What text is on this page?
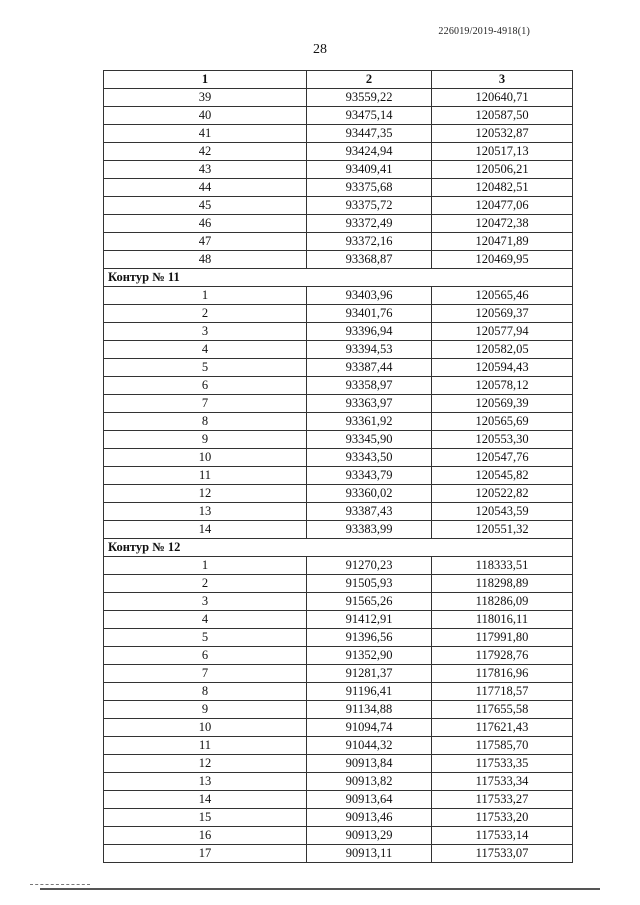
226019/2019-4918(1)
28
1	2	3
39	93559,22	120640,71
40	93475,14	120587,50
41	93447,35	120532,87
42	93424,94	120517,13
43	93409,41	120506,21
44	93375,68	120482,51
45	93375,72	120477,06
46	93372,49	120472,38
47	93372,16	120471,89
48	93368,87	120469,95
Контур № 11		
1	93403,96	120565,46
2	93401,76	120569,37
3	93396,94	120577,94
4	93394,53	120582,05
5	93387,44	120594,43
6	93358,97	120578,12
7	93363,97	120569,39
8	93361,92	120565,69
9	93345,90	120553,30
10	93343,50	120547,76
11	93343,79	120545,82
12	93360,02	120522,82
13	93387,43	120543,59
14	93383,99	120551,32
Контур № 12		
1	91270,23	118333,51
2	91505,93	118298,89
3	91565,26	118286,09
4	91412,91	118016,11
5	91396,56	117991,80
6	91352,90	117928,76
7	91281,37	117816,96
8	91196,41	117718,57
9	91134,88	117655,58
10	91094,74	117621,43
11	91044,32	117585,70
12	90913,84	117533,35
13	90913,82	117533,34
14	90913,64	117533,27
15	90913,46	117533,20
16	90913,29	117533,14
17	90913,11	117533,07
